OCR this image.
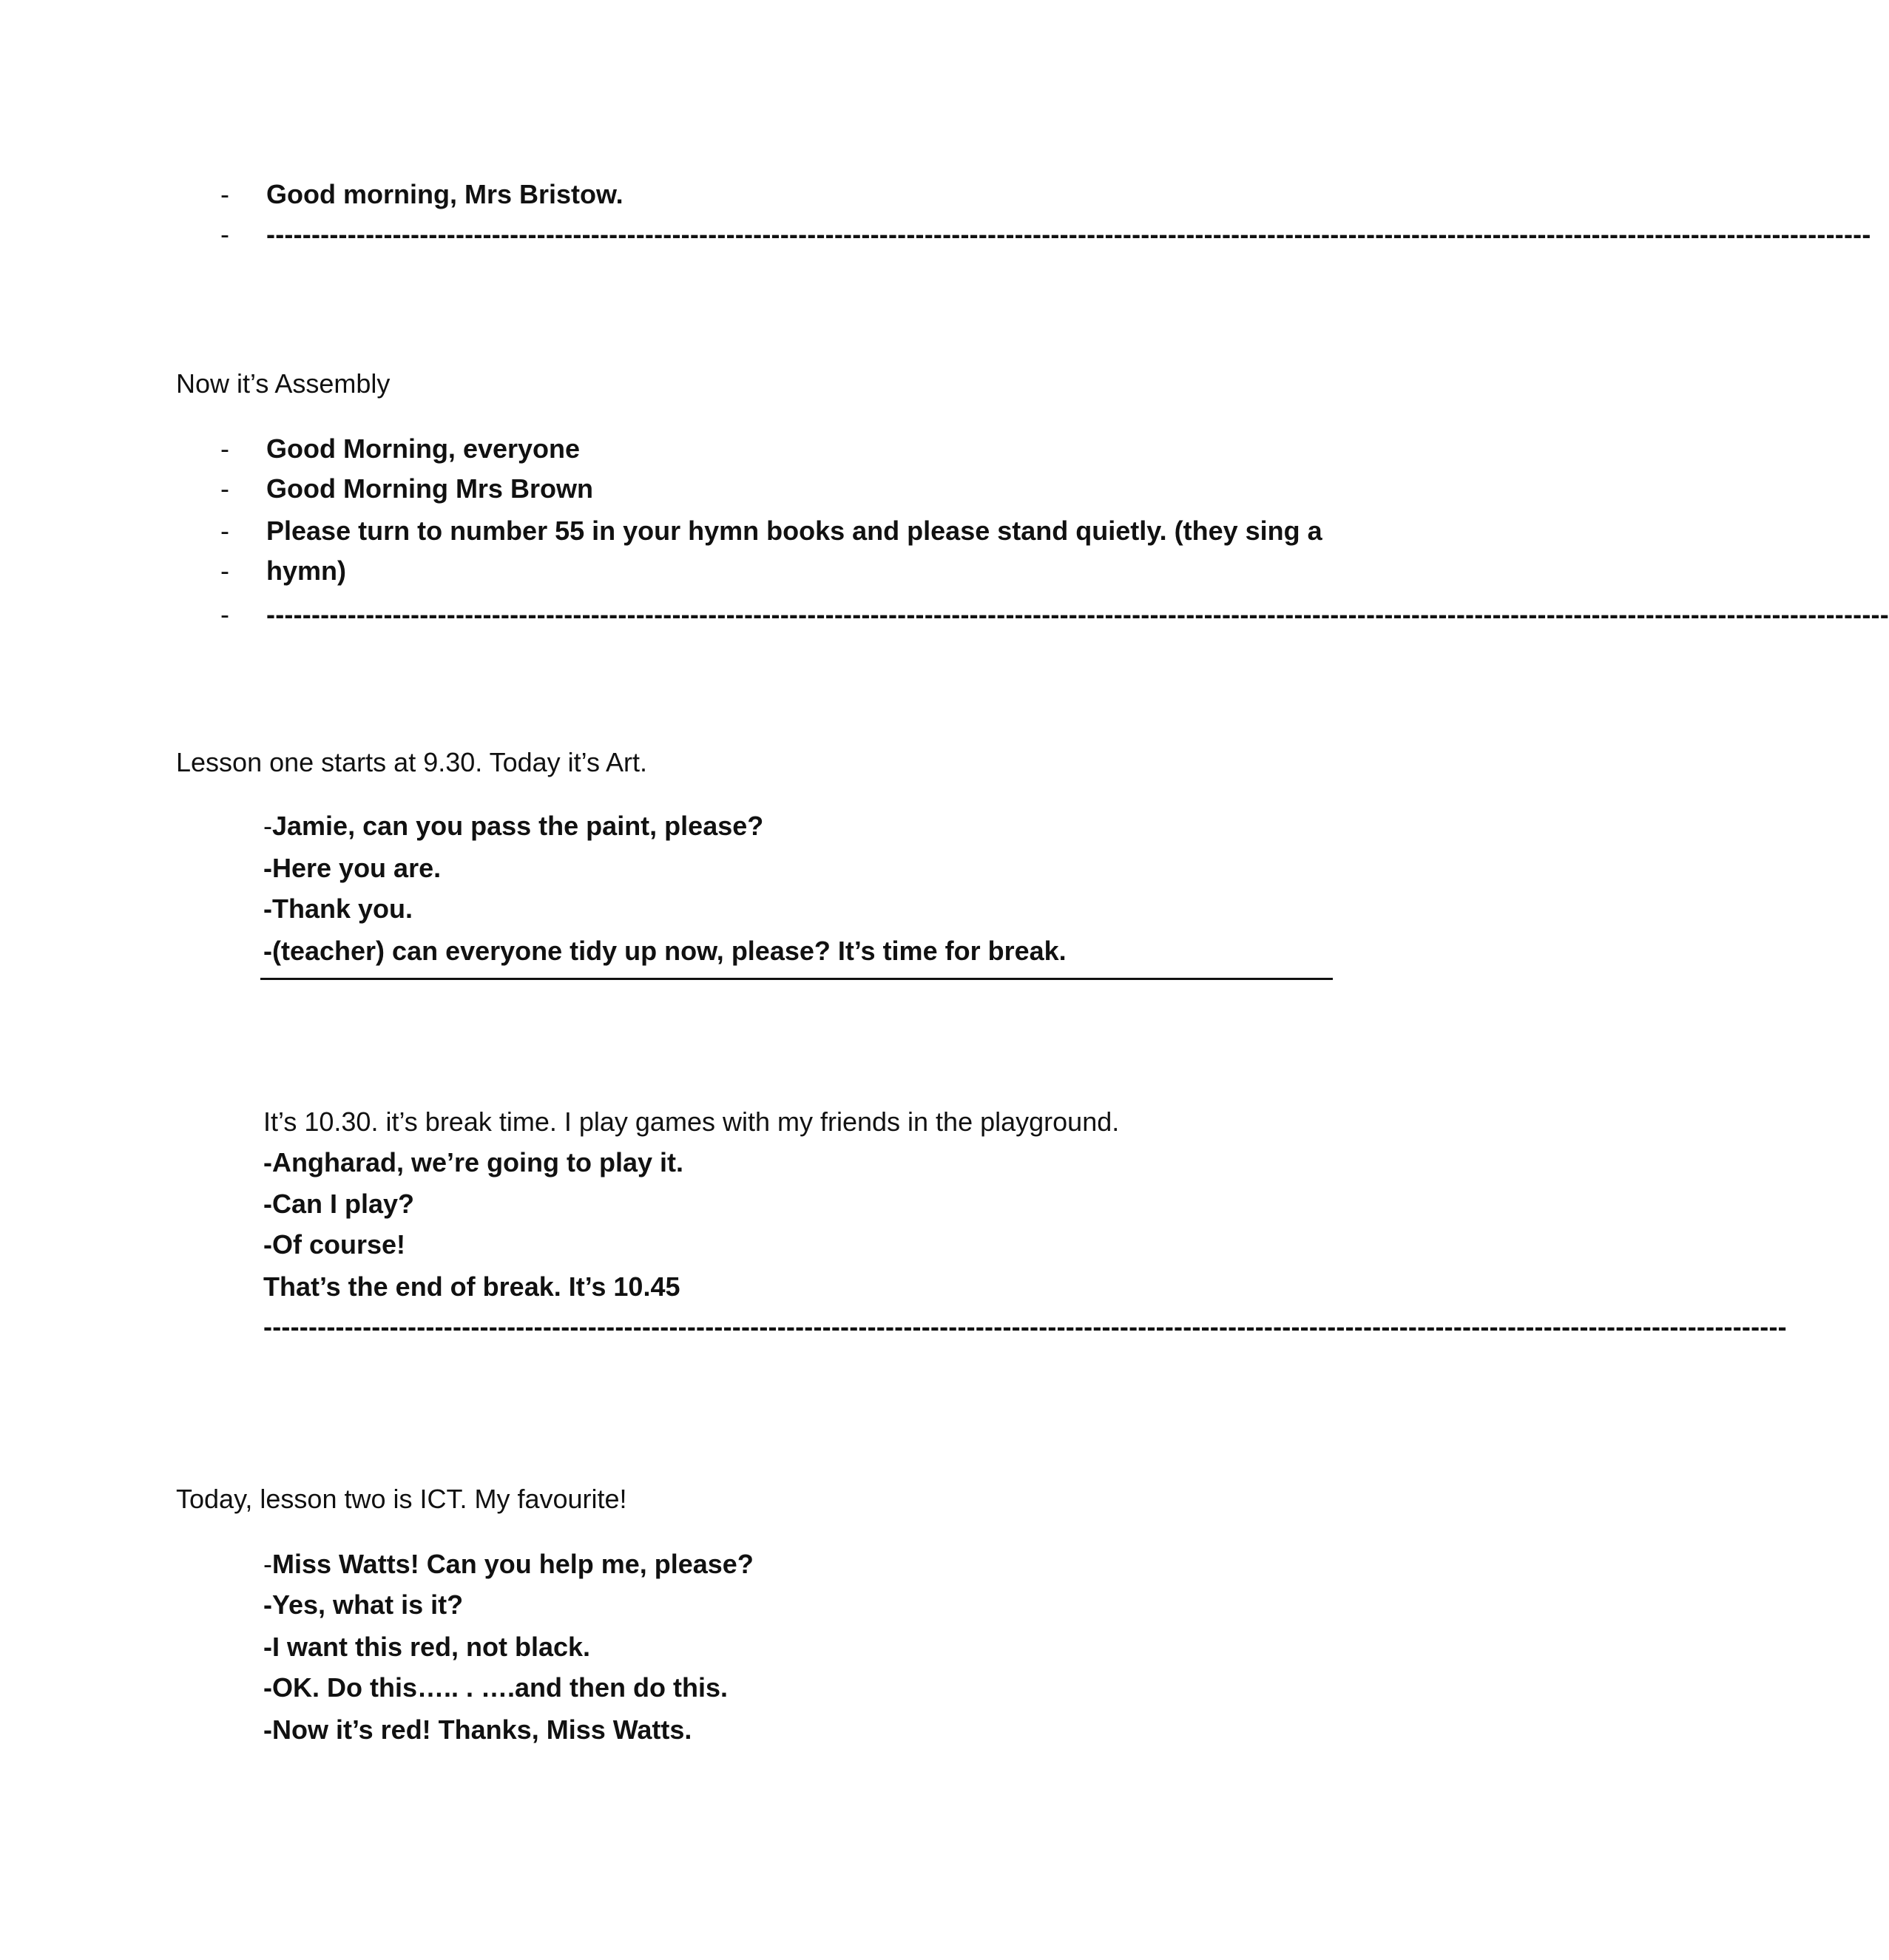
- Good morning, Mrs Bristow.
- ----------------------------------------------------------------------------------------------------------------------------------------------------------------------------------
Now it’s Assembly
- Good Morning, everyone
- Good Morning Mrs Brown
- Please turn to number 55 in your hymn books and please stand quietly. (they sing a
- hymn)
- ------------------------------------------------------------------------------------------------------------------------------------------------------------------------------------
Lesson one starts at 9.30. Today it’s Art.
-Jamie, can you pass the paint, please?
-Here you are.
-Thank you.
-(teacher) can everyone tidy up now, please? It’s time for break.
It’s 10.30. it’s break time. I play games with my friends in the playground.
-Angharad, we’re going to play it.
-Can I play?
-Of course!
That’s the end of break. It’s 10.45
-------------------------------------------------------------------------------------------------------------------------------------------------------------------------
Today, lesson two is ICT. My favourite!
-Miss Watts! Can you help me, please?
-Yes, what is it?
-I want this red, not black.
-OK. Do this….. . ….and then do this.
-Now it’s red! Thanks, Miss Watts.
